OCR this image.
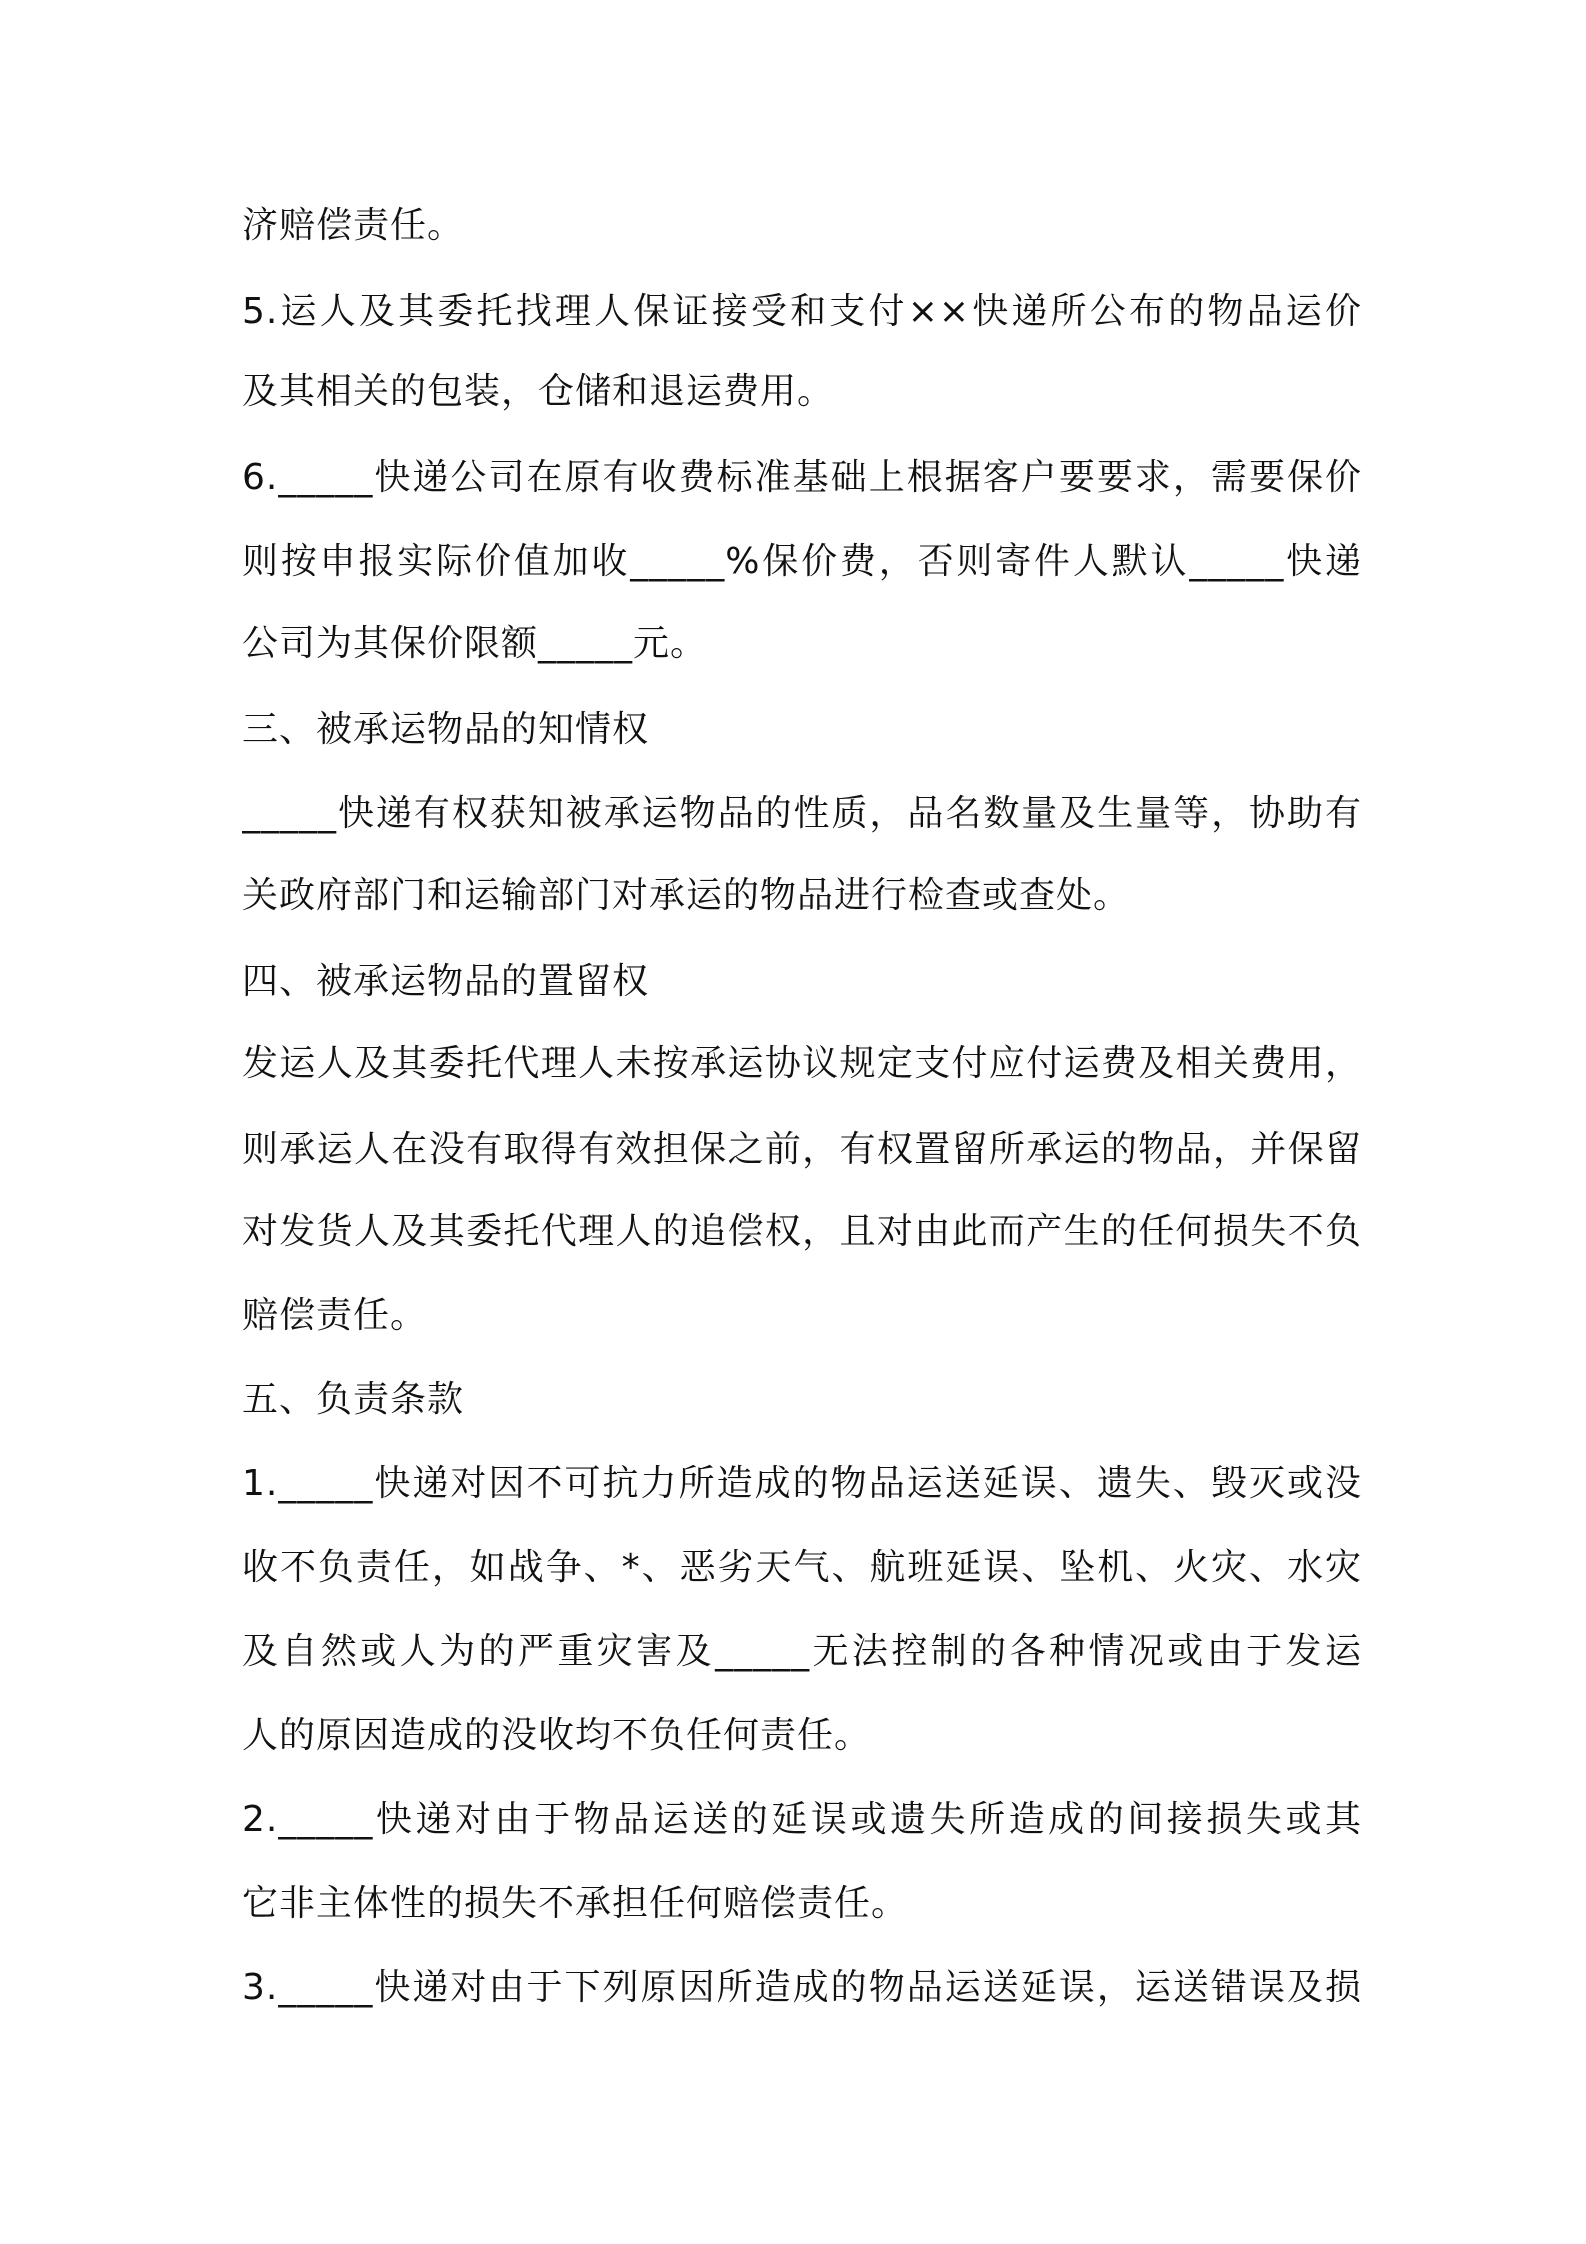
济赔偿责任。
5.运人及其委托找理人保证接受和支付××快递所公布的物品运价
及其相关的包装，仓储和退运费用。
6._____快递公司在原有收费标准基础上根据客户要要求，需要保价
则按申报实际价值加收_____%保价费，否则寄件人默认_____快递
公司为其保价限额_____元。
三、被承运物品的知情权
_____快递有权获知被承运物品的性质，品名数量及生量等，协助有
关政府部门和运输部门对承运的物品进行检查或查处。
四、被承运物品的置留权
发运人及其委托代理人未按承运协议规定支付应付运费及相关费用，
则承运人在没有取得有效担保之前，有权置留所承运的物品，并保留
对发货人及其委托代理人的追偿权，且对由此而产生的任何损失不负
赔偿责任。
五、负责条款
1._____快递对因不可抗力所造成的物品运送延误、遗失、毁灭或没
收不负责任，如战争、*、恶劣天气、航班延误、坠机、火灾、水灾
及自然或人为的严重灾害及_____无法控制的各种情况或由于发运
人的原因造成的没收均不负任何责任。
2._____快递对由于物品运送的延误或遗失所造成的间接损失或其
它非主体性的损失不承担任何赔偿责任。
3._____快递对由于下列原因所造成的物品运送延误，运送错误及损
